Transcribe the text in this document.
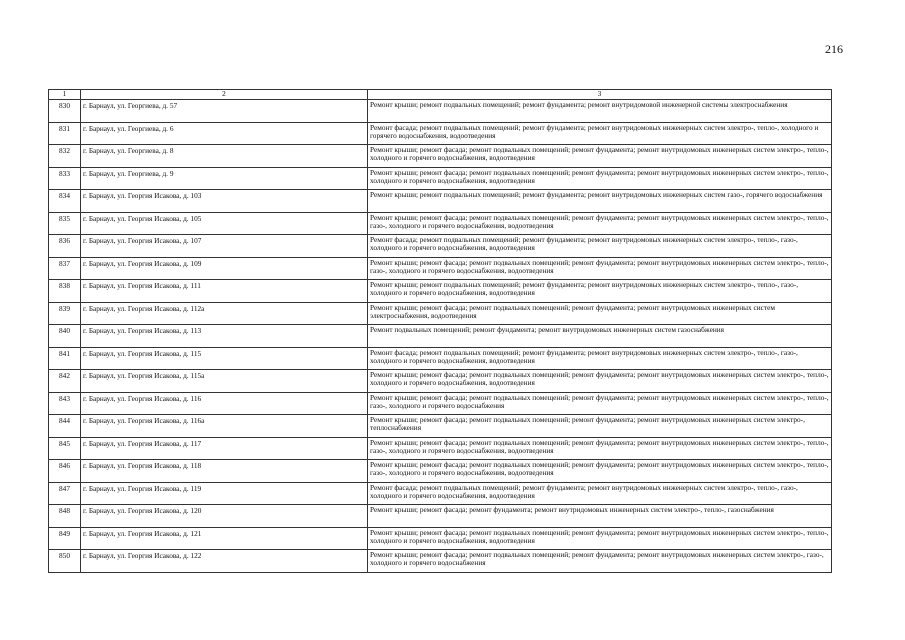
216
1	2	3
830	г. Барнаул, ул. Георгиева, д. 57	Ремонт крыши; ремонт подвальных помещений; ремонт фундамента; ремонт внутридомовой инженерной системы электроснабжения
831	г. Барнаул, ул. Георгиева, д. 6	Ремонт фасада; ремонт подвальных помещений; ремонт фундамента; ремонт внутридомовых инженерных систем электро-, тепло-, холодного и горячего водоснабжения, водоотведения
832	г. Барнаул, ул. Георгиева, д. 8	Ремонт крыши; ремонт фасада; ремонт подвальных помещений; ремонт фундамента; ремонт внутридомовых инженерных систем электро-, тепло-, холодного и горячего водоснабжения, водоотведения
833	г. Барнаул, ул. Георгиева, д. 9	Ремонт крыши; ремонт фасада; ремонт подвальных помещений; ремонт фундамента; ремонт внутридомовых инженерных систем электро-, тепло-, холодного и горячего водоснабжения, водоотведения
834	г. Барнаул, ул. Георгия Исакова, д. 103	Ремонт крыши; ремонт подвальных помещений; ремонт фундамента; ремонт внутридомовых инженерных систем газо-, горячего водоснабжения
835	г. Барнаул, ул. Георгия Исакова, д. 105	Ремонт крыши; ремонт фасада; ремонт подвальных помещений; ремонт фундамента; ремонт внутридомовых инженерных систем электро-, тепло-, газо-, холодного и горячего водоснабжения, водоотведения
836	г. Барнаул, ул. Георгия Исакова, д. 107	Ремонт фасада; ремонт подвальных помещений; ремонт фундамента; ремонт внутридомовых инженерных систем электро-, тепло-, газо-, холодного и горячего водоснабжения, водоотведения
837	г. Барнаул, ул. Георгия Исакова, д. 109	Ремонт крыши; ремонт фасада; ремонт подвальных помещений; ремонт фундамента; ремонт внутридомовых инженерных систем электро-, тепло-, газо-, холодного и горячего водоснабжения, водоотведения
838	г. Барнаул, ул. Георгия Исакова, д. 111	Ремонт крыши; ремонт подвальных помещений; ремонт фундамента; ремонт внутридомовых инженерных систем электро-, тепло-, газо-, холодного и горячего водоснабжения, водоотведения
839	г. Барнаул, ул. Георгия Исакова, д. 112а	Ремонт крыши; ремонт фасада; ремонт подвальных помещений; ремонт фундамента; ремонт внутридомовых инженерных систем электроснабжения, водоотведения
840	г. Барнаул, ул. Георгия Исакова, д. 113	Ремонт подвальных помещений; ремонт фундамента; ремонт внутридомовых инженерных систем газоснабжения
841	г. Барнаул, ул. Георгия Исакова, д. 115	Ремонт фасада; ремонт подвальных помещений; ремонт фундамента; ремонт внутридомовых инженерных систем электро-, тепло-, газо-, холодного и горячего водоснабжения, водоотведения
842	г. Барнаул, ул. Георгия Исакова, д. 115а	Ремонт крыши; ремонт фасада; ремонт подвальных помещений; ремонт фундамента; ремонт внутридомовых инженерных систем электро-, тепло-, холодного и горячего водоснабжения, водоотведения
843	г. Барнаул, ул. Георгия Исакова, д. 116	Ремонт крыши; ремонт фасада; ремонт подвальных помещений; ремонт фундамента; ремонт внутридомовых инженерных систем электро-, тепло-, газо-, холодного и горячего водоснабжения
844	г. Барнаул, ул. Георгия Исакова, д. 116а	Ремонт крыши; ремонт фасада; ремонт подвальных помещений; ремонт фундамента; ремонт внутридомовых инженерных систем электро-, теплоснабжения
845	г. Барнаул, ул. Георгия Исакова, д. 117	Ремонт крыши; ремонт фасада; ремонт подвальных помещений; ремонт фундамента; ремонт внутридомовых инженерных систем электро-, тепло-, газо-, холодного и горячего водоснабжения, водоотведения
846	г. Барнаул, ул. Георгия Исакова, д. 118	Ремонт крыши; ремонт фасада; ремонт подвальных помещений; ремонт фундамента; ремонт внутридомовых инженерных систем электро-, тепло-, газо-, холодного и горячего водоснабжения, водоотведения
847	г. Барнаул, ул. Георгия Исакова, д. 119	Ремонт фасада; ремонт подвальных помещений; ремонт фундамента; ремонт внутридомовых инженерных систем электро-, тепло-, газо-, холодного и горячего водоснабжения, водоотведения
848	г. Барнаул, ул. Георгия Исакова, д. 120	Ремонт крыши; ремонт фасада; ремонт фундамента; ремонт внутридомовых инженерных систем электро-, тепло-, газоснабжения
849	г. Барнаул, ул. Георгия Исакова, д. 121	Ремонт крыши; ремонт фасада; ремонт подвальных помещений; ремонт фундамента; ремонт внутридомовых инженерных систем электро-, тепло-, холодного и горячего водоснабжения, водоотведения
850	г. Барнаул, ул. Георгия Исакова, д. 122	Ремонт крыши; ремонт фасада; ремонт подвальных помещений; ремонт фундамента; ремонт внутридомовых инженерных систем электро-, газо-, холодного и горячего водоснабжения
